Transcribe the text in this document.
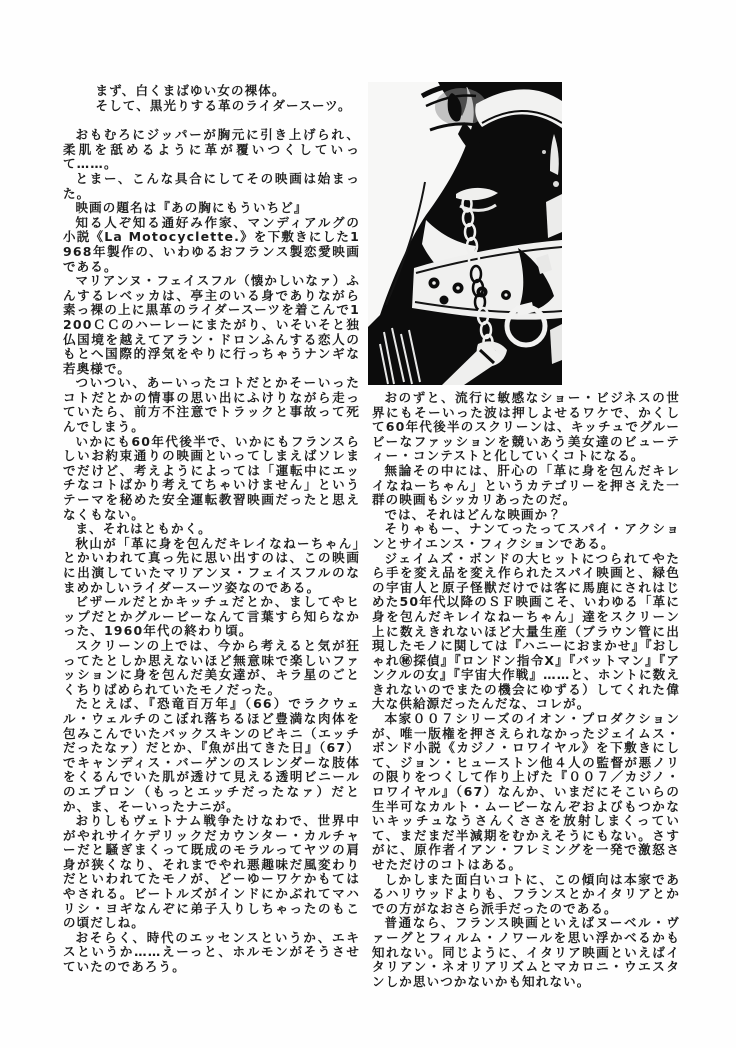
まず、白くまばゆい女の裸体。

そして、黒光りする革のライダースーツ。

おもむろにジッパーが胸元に引き上げられ、柔肌を舐めるように革が覆いつくしていって……。

とまー、こんな具合にしてその映画は始まった。

映画の題名は『あの胸にもういちど』

知る人ぞ知る通好み作家、マンディアルグの小説《La Motocyclette.》を下敷きにした1968年製作の、いわゆるおフランス製恋愛映画である。

マリアンヌ・フェイスフル（懐かしいなァ）ふんするレベッカは、亭主のいる身でありながら素っ裸の上に黒革のライダースーツを着こんで1200ＣＣのハーレーにまたがり、いそいそと独仏国境を越えてアラン・ドロンふんする恋人のもとへ国際的浮気をやりに行っちゃうナンギな若奥様で。

ついつい、あーいったコトだとかそーいったコトだとかの情事の思い出にふけりながら走っていたら、前方不注意でトラックと事故って死んでしまう。

いかにも60年代後半で、いかにもフランスらしいお約束通りの映画といってしまえばソレまでだけど、考えようによっては「運転中にエッチなコトばかり考えてちゃいけません」というテーマを秘めた安全運転教習映画だったと思えなくもない。

ま、それはともかく。

秋山が「革に身を包んだキレイなねーちゃん」とかいわれて真っ先に思い出すのは、この映画に出演していたマリアンヌ・フェイスフルのなまめかしいライダースーツ姿なのである。

ビザールだとかキッチュだとか、ましてやヒップだとかグルービーなんて言葉すら知らなかった、1960年代の終わり頃。

スクリーンの上では、今から考えると気が狂ってたとしか思えないほど無意味で楽しいファッションに身を包んだ美女達が、キラ星のごとくちりばめられていたモノだった。

たとえば、『恐竜百万年』（66）でラクウェル・ウェルチのこぼれ落ちるほど豊満な肉体を包みこんでいたバックスキンのビキニ（エッチだったなァ）だとか、『魚が出てきた日』（67）でキャンディス・バーゲンのスレンダーな肢体をくるんでいた肌が透けて見える透明ビニールのエプロン（もっとエッチだったなァ）だとか、ま、そーいったナニが。

おりしもヴェトナム戦争たけなわで、世界中がやれサイケデリックだカウンター・カルチャーだと騒ぎまくって既成のモラルってヤツの肩身が狭くなり、それまでやれ悪趣味だ風変わりだといわれてたモノが、どーゆーワケかもてはやされる。ビートルズがインドにかぶれてマハリシ・ヨギなんぞに弟子入りしちゃったのもこの頃だしね。

おそらく、時代のエッセンスというか、エキスというか……えーっと、ホルモンがそうさせていたのであろう。

おのずと、流行に敏感なショー・ビジネスの世界にもそーいった波は押しよせるワケで、かくして60年代後半のスクリーンは、キッチュでグルービーなファッションを競いあう美女達のビューティー・コンテストと化していくコトになる。

無論その中には、肝心の「革に身を包んだキレイなねーちゃん」というカテゴリーを押さえた一群の映画もシッカリあったのだ。

では、それはどんな映画か？

そりゃもー、ナンてったってスパイ・アクションとサイエンス・フィクションである。

ジェイムズ・ボンドの大ヒットにつられてやたら手を変え品を変え作られたスパイ映画と、緑色の宇宙人と原子怪獣だけでは客に馬鹿にされはじめた50年代以降のＳＦ映画こそ、いわゆる「革に身を包んだキレイなねーちゃん」達をスクリーン上に数えきれないほど大量生産（ブラウン管に出現したモノに関しては『ハニーにおまかせ』『おしゃれ㊙探偵』『ロンドン指令X』『バットマン』『アンクルの女』『宇宙大作戦』……と、ホントに数えきれないのでまたの機会にゆずる）してくれた偉大な供給源だったんだな、コレが。

本家００７シリーズのイオン・プロダクションが、唯一版権を押さえられなかったジェイムス・ボンド小説《カジノ・ロワイヤル》を下敷きにして、ジョン・ヒューストン他４人の監督が悪ノリの限りをつくして作り上げた『００７／カジノ・ロワイヤル』（67）なんか、いまだにそこいらの生半可なカルト・ムービーなんぞおよびもつかないキッチュなうさんくささを放射しまくっていて、まだまだ半減期をむかえそうにもない。さすがに、原作者イアン・フレミングを一発で激怒させただけのコトはある。

しかしまた面白いコトに、この傾向は本家であるハリウッドよりも、フランスとかイタリアとかでの方がなおさら派手だったのである。

普通なら、フランス映画といえばヌーベル・ヴァーグとフィルム・ノワールを思い浮かべるかも知れない。同じように、イタリア映画といえばイタリアン・ネオリアリズムとマカロニ・ウエスタンしか思いつかないかも知れない。
